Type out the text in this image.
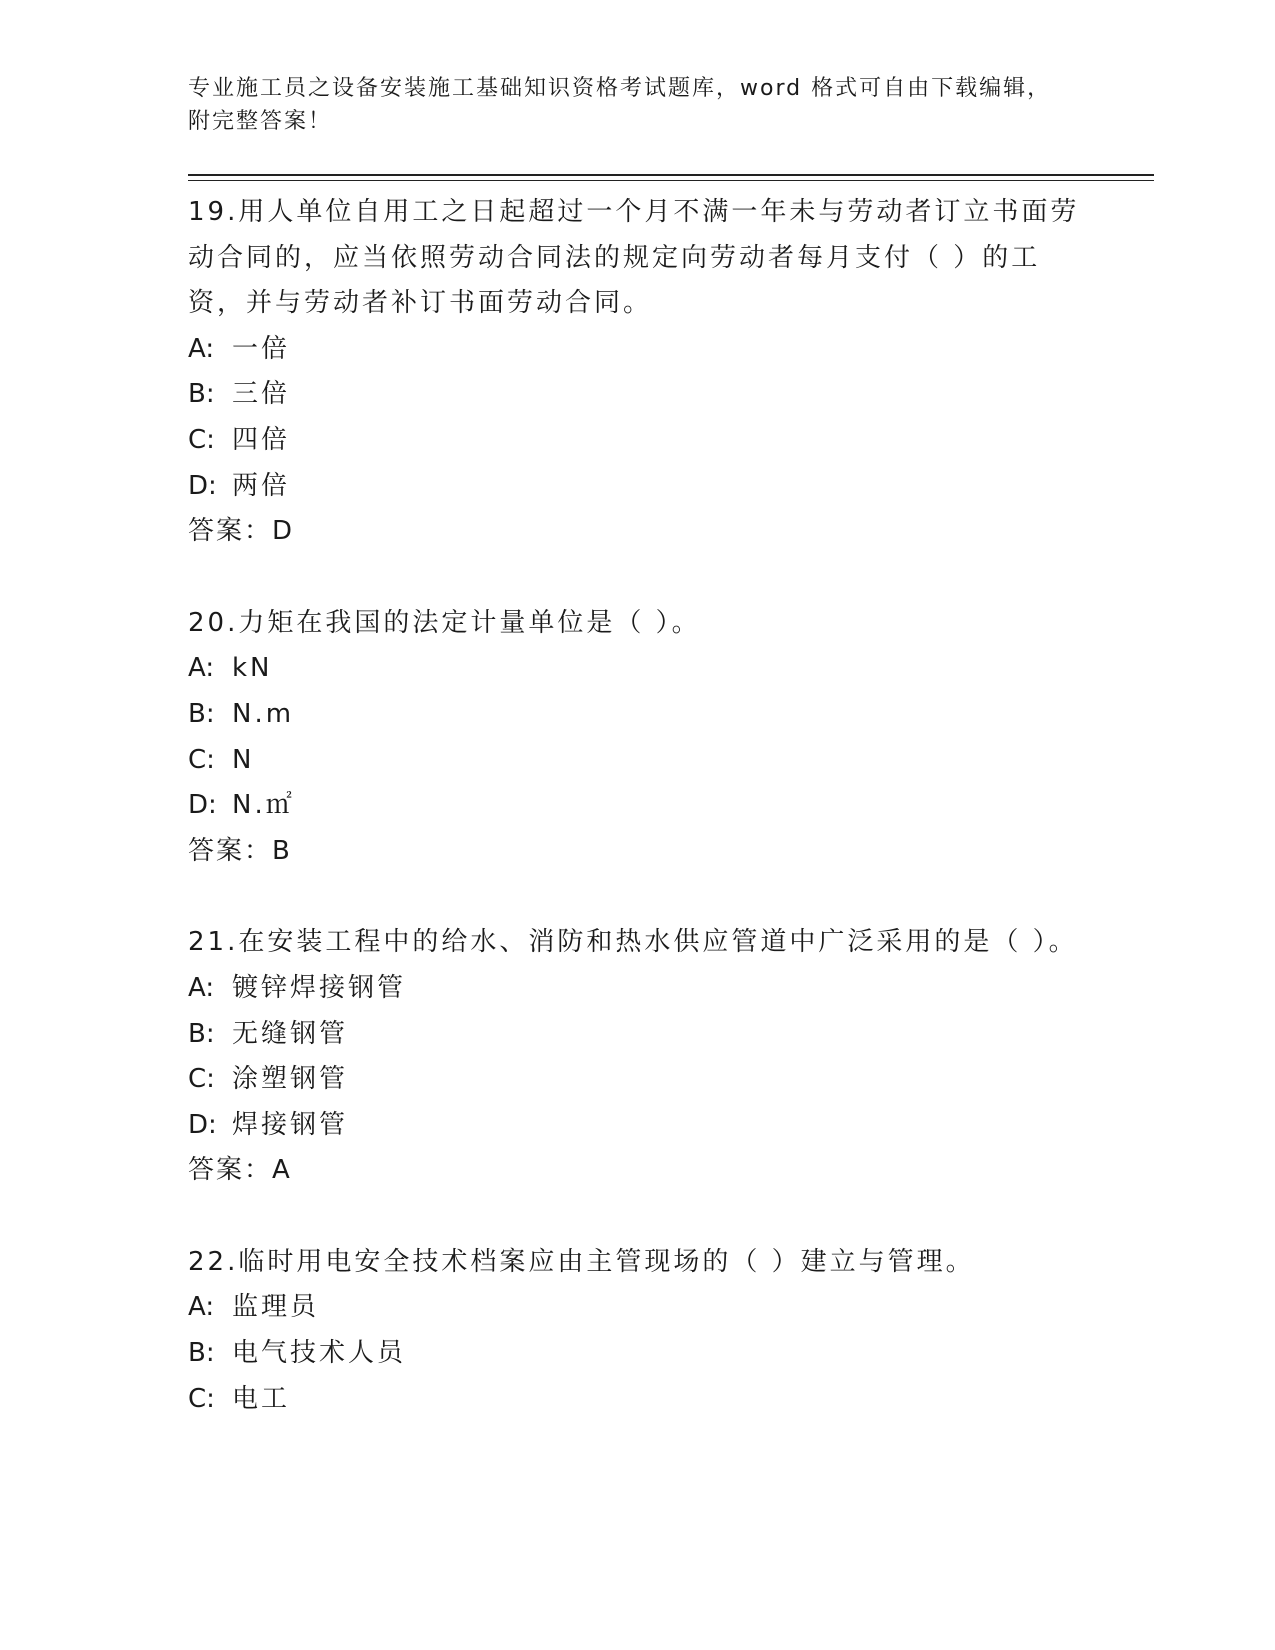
专业施工员之设备安装施工基础知识资格考试题库，word 格式可自由下载编辑，
附完整答案！

19.用人单位自用工之日起超过一个月不满一年未与劳动者订立书面劳动合同的，应当依照劳动合同法的规定向劳动者每月支付（ ）的工资，并与劳动者补订书面劳动合同。

A: 一倍

B: 三倍

C: 四倍

D: 两倍

答案：D

20.力矩在我国的法定计量单位是（ ）。

A: kN

B: N.m

C: N

D: N.㎡

答案：B

21.在安装工程中的给水、消防和热水供应管道中广泛采用的是（ ）。

A: 镀锌焊接钢管

B: 无缝钢管

C: 涂塑钢管

D: 焊接钢管

答案：A

22.临时用电安全技术档案应由主管现场的（ ）建立与管理。

A: 监理员

B: 电气技术人员

C: 电工
